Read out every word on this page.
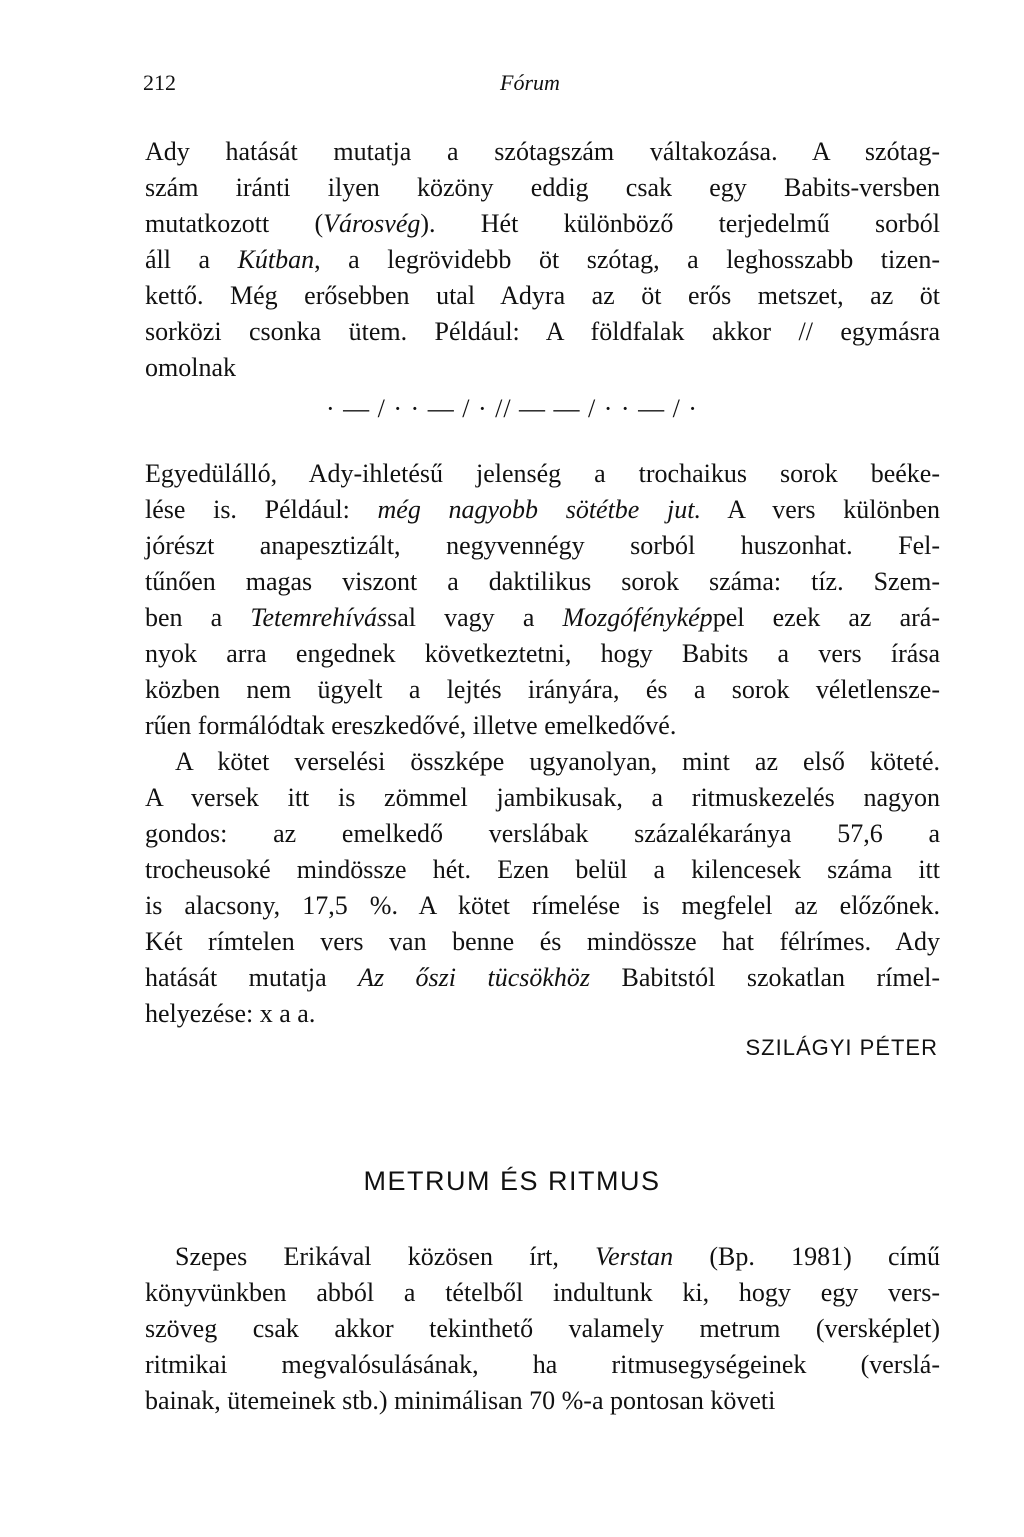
212	Fórum
Ady hatását mutatja a szótagszám váltakozása. A szótag-
szám iránti ilyen közöny eddig csak egy Babits-versben
mutatkozott (Városvég). Hét különböző terjedelmű sorból
áll a Kútban, a legrövidebb öt szótag, a leghosszabb tizen-
kettő. Még erősebben utal Adyra az öt erős metszet, az öt
sorközi csonka ütem. Például: A földfalak akkor // egymásra
omolnak
· — / · · — / · // — — / · · — / ·
Egyedülálló, Ady-ihletésű jelenség a trochaikus sorok beéke-
lése is. Például: még nagyobb sötétbe jut. A vers különben
jórészt anapesztizált, negyvennégy sorból huszonhat. Fel-
tűnően magas viszont a daktilikus sorok száma: tíz. Szem-
ben a Tetemrehívással vagy a Mozgófényképpel ezek az ará-
nyok arra engednek következtetni, hogy Babits a vers írása
közben nem ügyelt a lejtés irányára, és a sorok véletlensze-
rűen formálódtak ereszkedővé, illetve emelkedővé.
A kötet verselési összképe ugyanolyan, mint az első köteté.
A versek itt is zömmel jambikusak, a ritmuskezelés nagyon
gondos: az emelkedő verslábak százalékaránya 57,6 a
trocheusoké mindössze hét. Ezen belül a kilencesek száma itt
is alacsony, 17,5 %. A kötet rímelése is megfelel az előzőnek.
Két rímtelen vers van benne és mindössze hat félrímes. Ady
hatását mutatja Az őszi tücsökhöz Babitstól szokatlan rímel-
helyezése: x a a.
SZILÁGYI PÉTER
METRUM ÉS RITMUS
Szepes Erikával közösen írt, Verstan (Bp. 1981) című
könyvünkben abból a tételből indultunk ki, hogy egy vers-
szöveg csak akkor tekinthető valamely metrum (versképlet)
ritmikai megvalósulásának, ha ritmusegységeinek (verslá-
bainak, ütemeinek stb.) minimálisan 70 %-a pontosan követi
